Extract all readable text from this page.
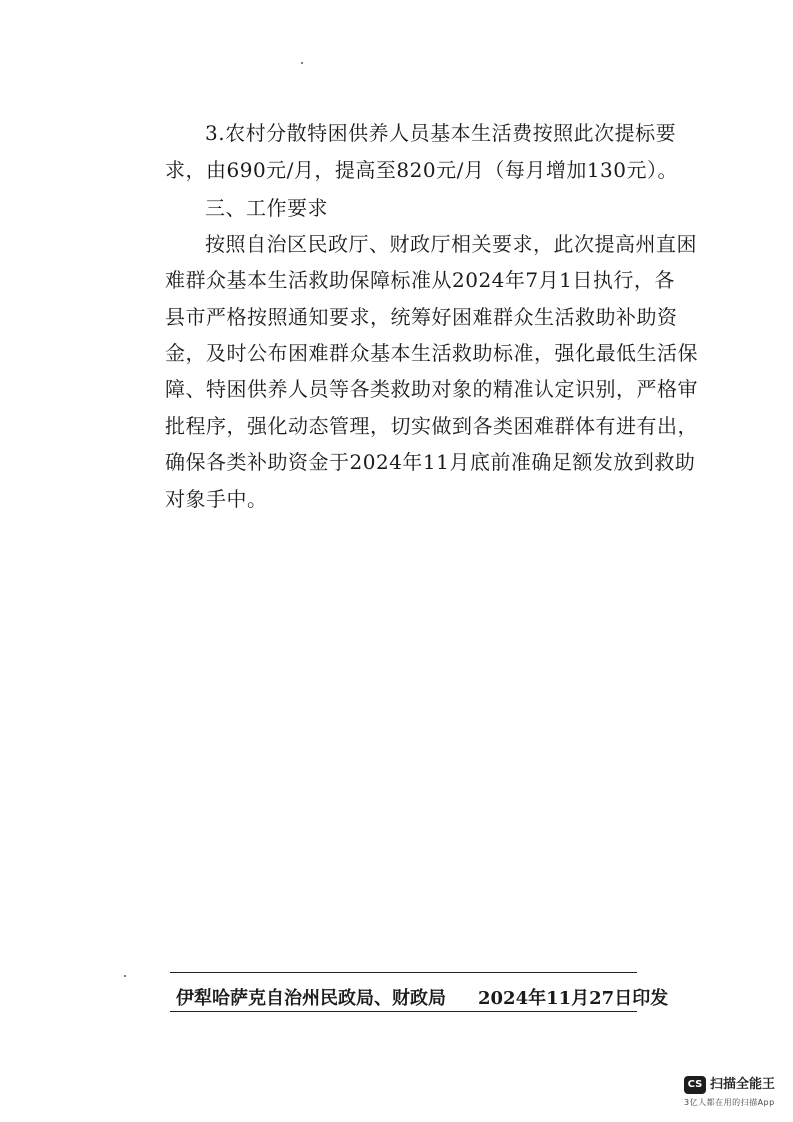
3.农村分散特困供养人员基本生活费按照此次提标要
求，由690元/月，提高至820元/月（每月增加130元）。
三、工作要求
按照自治区民政厅、财政厅相关要求，此次提高州直困
难群众基本生活救助保障标准从2024年7月1日执行，各
县市严格按照通知要求，统筹好困难群众生活救助补助资
金，及时公布困难群众基本生活救助标准，强化最低生活保
障、特困供养人员等各类救助对象的精准认定识别，严格审
批程序，强化动态管理，切实做到各类困难群体有进有出，
确保各类补助资金于2024年11月底前准确足额发放到救助
对象手中。
伊犁哈萨克自治州民政局、财政局 2024年11月27日印发
CS 扫描全能王
3亿人都在用的扫描App
